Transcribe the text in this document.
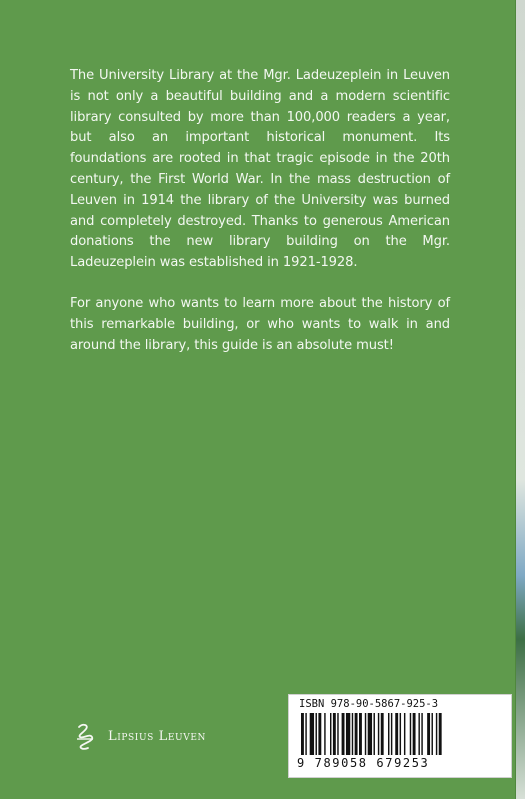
The University Library at the Mgr. Ladeuzeplein in Leuven is not only a beautiful building and a modern scientific library consulted by more than 100,000 readers a year, but also an important historical monument. Its foundations are rooted in that tragic episode in the 20th century, the First World War. In the mass destruction of Leuven in 1914 the library of the University was burned and completely destroyed. Thanks to generous American donations the new library building on the Mgr. Ladeuzeplein was established in 1921-1928.

For anyone who wants to learn more about the history of this remarkable building, or who wants to walk in and around the library, this guide is an absolute must!

Lipsius Leuven
ISBN 978-90-5867-925-3
9 789058 679253
